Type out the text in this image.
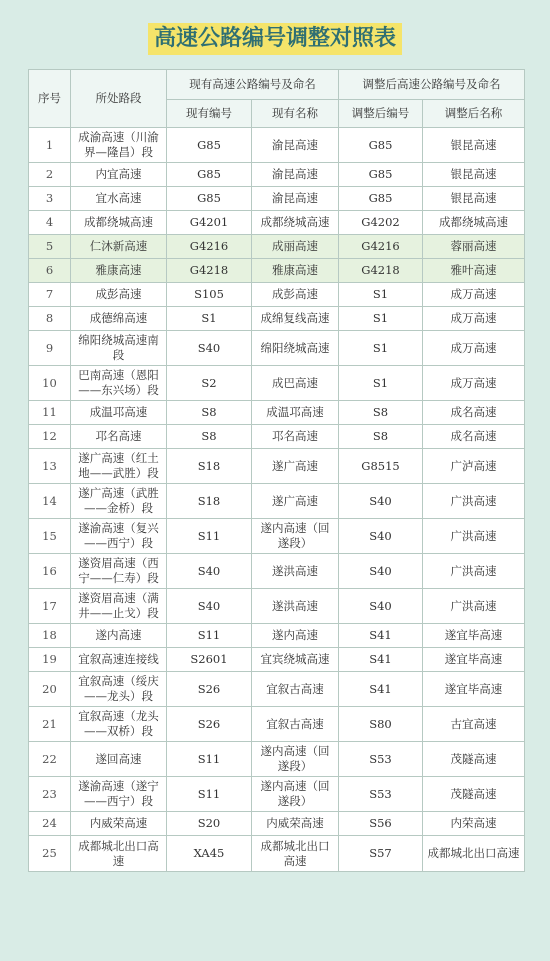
高速公路编号调整对照表
序号	所处路段	现有高速公路编号及命名		调整后高速公路编号及命名	
		现有编号	现有名称	调整后编号	调整后名称
1	成渝高速（川渝界—隆昌）段	G85	渝昆高速	G85	银昆高速
2	内宜高速	G85	渝昆高速	G85	银昆高速
3	宜水高速	G85	渝昆高速	G85	银昆高速
4	成都绕城高速	G4201	成都绕城高速	G4202	成都绕城高速
5	仁沐新高速	G4216	成丽高速	G4216	蓉丽高速
6	雅康高速	G4218	雅康高速	G4218	雅叶高速
7	成彭高速	S105	成彭高速	S1	成万高速
8	成德绵高速	S1	成绵复线高速	S1	成万高速
9	绵阳绕城高速南段	S40	绵阳绕城高速	S1	成万高速
10	巴南高速（恩阳——东兴场）段	S2	成巴高速	S1	成万高速
11	成温邛高速	S8	成温邛高速	S8	成名高速
12	邛名高速	S8	邛名高速	S8	成名高速
13	遂广高速（红土地——武胜）段	S18	遂广高速	G8515	广泸高速
14	遂广高速（武胜——金桥）段	S18	遂广高速	S40	广洪高速
15	遂渝高速（复兴——西宁）段	S11	遂内高速（回遂段）	S40	广洪高速
16	遂资眉高速（西宁——仁寿）段	S40	遂洪高速	S40	广洪高速
17	遂资眉高速（满井——止戈）段	S40	遂洪高速	S40	广洪高速
18	遂内高速	S11	遂内高速	S41	遂宜毕高速
19	宜叙高速连接线	S2601	宜宾绕城高速	S41	遂宜毕高速
20	宜叙高速（绥庆——龙头）段	S26	宜叙古高速	S41	遂宜毕高速
21	宜叙高速（龙头——双桥）段	S26	宜叙古高速	S80	古宜高速
22	遂回高速	S11	遂内高速（回遂段）	S53	茂隧高速
23	遂渝高速（遂宁——西宁）段	S11	遂内高速（回遂段）	S53	茂隧高速
24	内威荣高速	S20	内威荣高速	S56	内荣高速
25	成都城北出口高速	XA45	成都城北出口高速	S57	成都城北出口高速
